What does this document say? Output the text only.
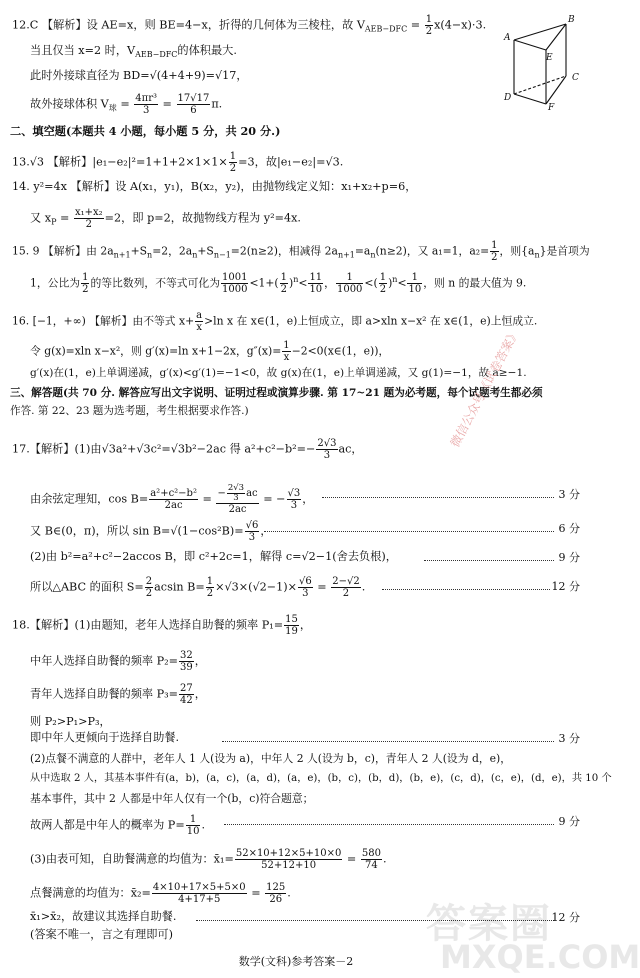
12.C 【解析】设 AE=x，则 BE=4−x，折得的几何体为三棱柱，故 $V_{AEB-DFC} = \frac{1}{2} x(4-x)\cdot 3$.
当且仅当 x=2 时，$V_{AEB-DFC}$的体积最大.
此时外接球直径为 BD=√(4+4+9)=√17，
故外接球体积 $V_球 = \frac{\text{4πr³}}{3} = \frac{17√17}{6} \pi$.
A
B
C
D
E
F
二、填空题(本题共 4 小题，每小题 5 分，共 20 分.)
13.√3 【解析】$|e_1-e_2|^2=1+1+2\times 1\times 1\times \frac{1}{2} =3$，故|e₁−e₂|=√3.
14. y²=4x 【解析】设 A(x₁，y₁)，B(x₂，y₂)，由抛物线定义知：x₁+x₂+p=6，
又 $x_P = \frac{\text{x₁+x₂}}{2} =2$，即 p=2，故抛物线方程为 y²=4x.
15. 9 【解析】由 $2a_{n+1}+S_n=2$，$2a_n+S_{n-1}=2(n\ge 2)$，相减得 $2a_{n+1}=a_n(n\ge 2)$，又 a₁=1，$a_2= \frac{1}{2}$ ，则$\{a_n\}$是首项为
1，公比为 $\frac{1}{2}$ 的等比数列，不等式可化为 $\frac{1001}{1000} <1+( \frac{1}{2} )^n< \frac{11}{10}$ ， $\frac{1}{1000}$ <( $\frac{1}{2} )^n< \frac{1}{10}$ ，则 n 的最大值为 9.
16. [−1，+∞) 【解析】由不等式 $x+ \frac{a}{x} >\ln$ x 在 x∈(1，e)上恒成立，即 a>xln x−x² 在 x∈(1，e)上恒成立.
令 g(x)=xln x−x²，则 g′(x)=ln x+1−2x，$g''(x)= \frac{1}{x}$ −2<0(x∈(1，e))，
g′(x)在(1，e)上单调递减，g′(x)<g′(1)=−1<0，故 g(x)在(1，e)上单调递减，又 g(1)=−1，故 a≥−1.
三、解答题(共 70 分. 解答应写出文字说明、证明过程或演算步骤. 第 17~21 题为必考题，每个试题考生都必须
作答. 第 22、23 题为选考题，考生根据要求作答.)
17.【解析】(1)由√3a²+√3c²=√3b²−2ac 得 $a^2+c^2-b^2=- \frac{2√3}{3}$ ac，
由余弦定理知，$\cos B= \frac{\text{a²+c²−b²}}{2ac} = \frac{- \frac{2√3}{3} ac}{2ac}$ = − $\frac{√3}{3}$ ，	3 分
又 B∈(0，π)，所以 $\sin B=√(1-\cos^2B)= \frac{√6}{3}$ ，	6 分
(2)由 b²=a²+c²−2accos B，即 c²+2c=1，解得 c=√2−1(舍去负根)，	9 分
所以△ABC 的面积 $S= \frac{2}{2}$ acsin $B= \frac{1}{2} \times√3\times(√2-1)\times \frac{√6}{3} = \frac{2-√2}{2}$ .	12 分
微信公众号《试卷答案》
18.【解析】(1)由题知，老年人选择自助餐的频率 $P_1= \frac{15}{19}$ ，
中年人选择自助餐的频率 $P_2= \frac{32}{39}$ ，
青年人选择自助餐的频率 $P_3= \frac{27}{42}$ ，
则 P₂>P₁>P₃，
即中年人更倾向于选择自助餐.	3 分
(2)点餐不满意的人群中，老年人 1 人(设为 a)，中年人 2 人(设为 b，c)，青年人 2 人(设为 d，e)，
从中选取 2 人，其基本事件有(a，b)，(a，c)，(a，d)，(a，e)，(b，c)，(b，d)，(b，e)，(c，d)，(c，e)，(d，e)，共 10 个
基本事件，其中 2 人都是中年人仅有一个(b，c)符合题意；
故两人都是中年人的概率为 $P= \frac{1}{10}$ .	9 分
(3)由表可知，自助餐满意的均值为：x̄₁= $\frac{52\times 10+12\times 5+10\times 0}{52+12+10} = \frac{580}{74}$ .
点餐满意的均值为：x̄₂= $\frac{4\times 10+17\times 5+5\times 0}{4+17+5} = \frac{125}{26}$ .
答案圈
MXQE.COM
x̄₁>x̄₂，故建议其选择自助餐.	12 分
(答案不唯一，言之有理即可)
数学(文科)参考答案－2
